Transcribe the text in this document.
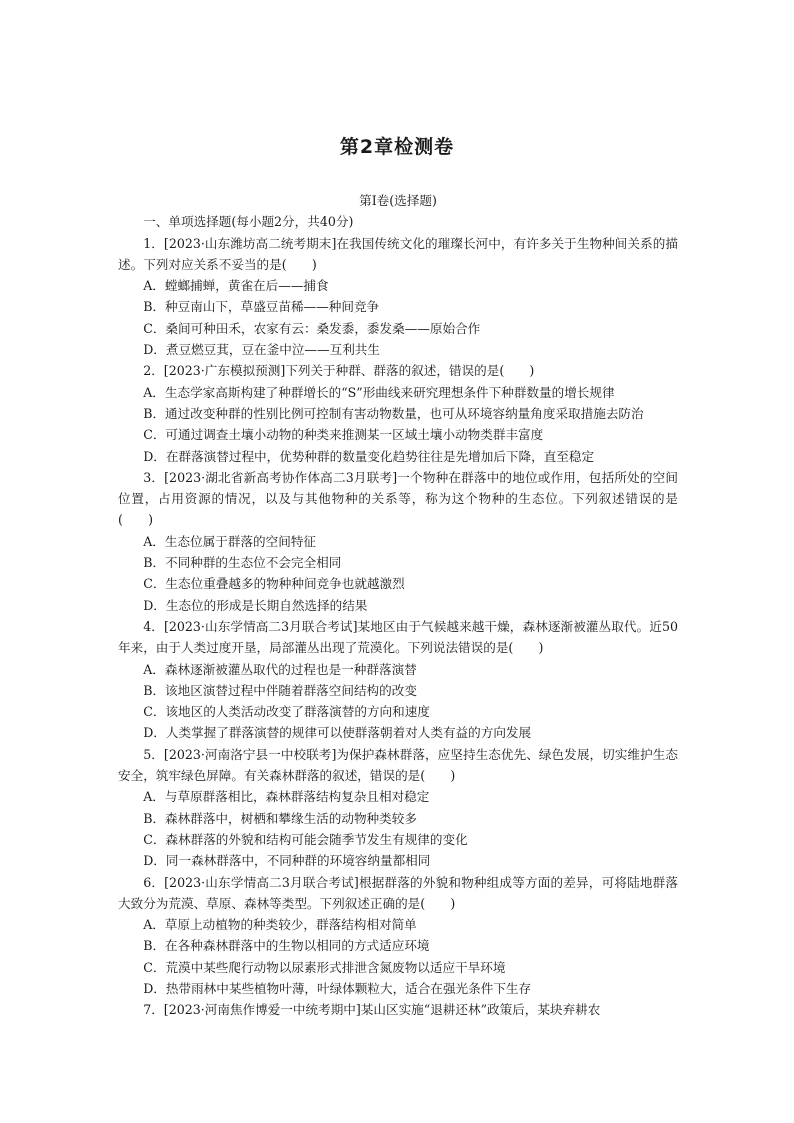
第2章检测卷
第Ⅰ卷(选择题)
一、单项选择题(每小题2分，共40分)

1．[2023·山东潍坊高二统考期末]在我国传统文化的璀璨长河中，有许多关于生物种间关系的描述。下列对应关系不妥当的是(　　)

A．螳螂捕蝉，黄雀在后——捕食
B．种豆南山下，草盛豆苗稀——种间竞争
C．桑间可种田禾，农家有云：桑发黍，黍发桑——原始合作
D．煮豆燃豆萁，豆在釜中泣——互利共生

2．[2023·广东模拟预测]下列关于种群、群落的叙述，错误的是(　　)

A．生态学家高斯构建了种群增长的“S”形曲线来研究理想条件下种群数量的增长规律

B．通过改变种群的性别比例可控制有害动物数量，也可从环境容纳量角度采取措施去防治

C．可通过调查土壤小动物的种类来推测某一区域土壤小动物类群丰富度

D．在群落演替过程中，优势种群的数量变化趋势往往是先增加后下降，直至稳定

3．[2023·湖北省新高考协作体高二3月联考]一个物种在群落中的地位或作用，包括所处的空间位置，占用资源的情况，以及与其他物种的关系等，称为这个物种的生态位。下列叙述错误的是(　　)

A．生态位属于群落的空间特征
B．不同种群的生态位不会完全相同
C．生态位重叠越多的物种种间竞争也就越激烈
D．生态位的形成是长期自然选择的结果

4．[2023·山东学情高二3月联合考试]某地区由于气候越来越干燥，森林逐渐被灌丛取代。近50年来，由于人类过度开垦，局部灌丛出现了荒漠化。下列说法错误的是(　　)

A．森林逐渐被灌丛取代的过程也是一种群落演替
B．该地区演替过程中伴随着群落空间结构的改变
C．该地区的人类活动改变了群落演替的方向和速度
D．人类掌握了群落演替的规律可以使群落朝着对人类有益的方向发展

5．[2023·河南洛宁县一中校联考]为保护森林群落，应坚持生态优先、绿色发展，切实维护生态安全，筑牢绿色屏障。有关森林群落的叙述，错误的是(　　)

A．与草原群落相比，森林群落结构复杂且相对稳定
B．森林群落中，树栖和攀缘生活的动物种类较多
C．森林群落的外貌和结构可能会随季节发生有规律的变化
D．同一森林群落中，不同种群的环境容纳量都相同

6．[2023·山东学情高二3月联合考试]根据群落的外貌和物种组成等方面的差异，可将陆地群落大致分为荒漠、草原、森林等类型。下列叙述正确的是(　　)

A．草原上动植物的种类较少，群落结构相对简单
B．在各种森林群落中的生物以相同的方式适应环境
C．荒漠中某些爬行动物以尿素形式排泄含氮废物以适应干旱环境
D．热带雨林中某些植物叶薄，叶绿体颗粒大，适合在强光条件下生存

7．[2023·河南焦作博爱一中统考期中]某山区实施“退耕还林”政策后，某块弃耕农
